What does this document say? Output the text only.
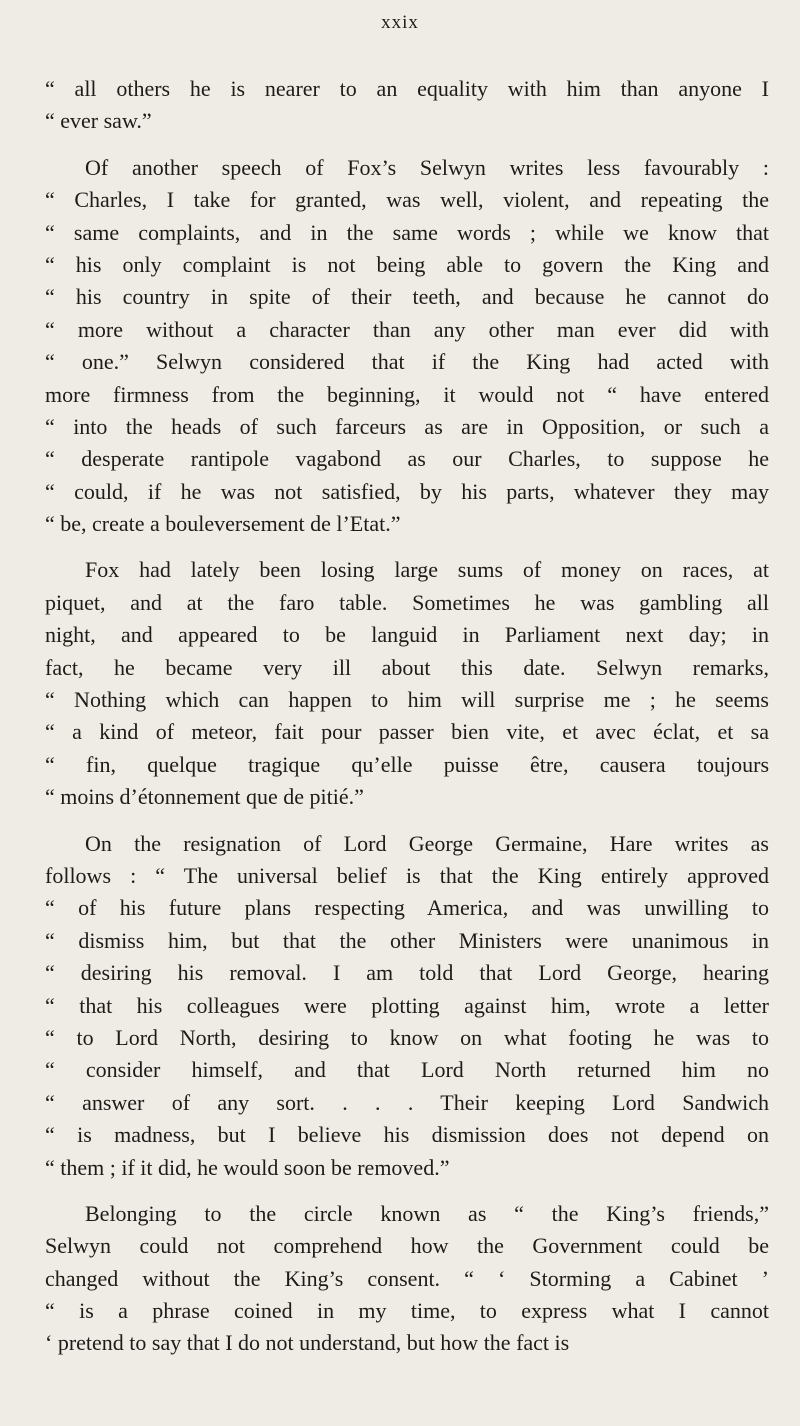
xxix
“ all others he is nearer to an equality with him than anyone I
“ ever saw.”
Of another speech of Fox’s Selwyn writes less favourably :
“ Charles, I take for granted, was well, violent, and repeating the
“ same complaints, and in the same words ; while we know that
“ his only complaint is not being able to govern the King and
“ his country in spite of their teeth, and because he cannot do
“ more without a character than any other man ever did with
“ one.” Selwyn considered that if the King had acted with
more firmness from the beginning, it would not “ have entered
“ into the heads of such farceurs as are in Opposition, or such a
“ desperate rantipole vagabond as our Charles, to suppose he
“ could, if he was not satisfied, by his parts, whatever they may
“ be, create a bouleversement de l’Etat.”
Fox had lately been losing large sums of money on races, at
piquet, and at the faro table. Sometimes he was gambling all
night, and appeared to be languid in Parliament next day; in
fact, he became very ill about this date. Selwyn remarks,
“ Nothing which can happen to him will surprise me ; he seems
“ a kind of meteor, fait pour passer bien vite, et avec éclat, et sa
“ fin, quelque tragique qu’elle puisse être, causera toujours
“ moins d’étonnement que de pitié.”
On the resignation of Lord George Germaine, Hare writes as
follows : “ The universal belief is that the King entirely approved
“ of his future plans respecting America, and was unwilling to
“ dismiss him, but that the other Ministers were unanimous in
“ desiring his removal. I am told that Lord George, hearing
“ that his colleagues were plotting against him, wrote a letter
“ to Lord North, desiring to know on what footing he was to
“ consider himself, and that Lord North returned him no
“ answer of any sort. . . . Their keeping Lord Sandwich
“ is madness, but I believe his dismission does not depend on
“ them ; if it did, he would soon be removed.”
Belonging to the circle known as “ the King’s friends,”
Selwyn could not comprehend how the Government could be
changed without the King’s consent. “ ‘ Storming a Cabinet ’
“ is a phrase coined in my time, to express what I cannot
‘ pretend to say that I do not understand, but how the fact is
